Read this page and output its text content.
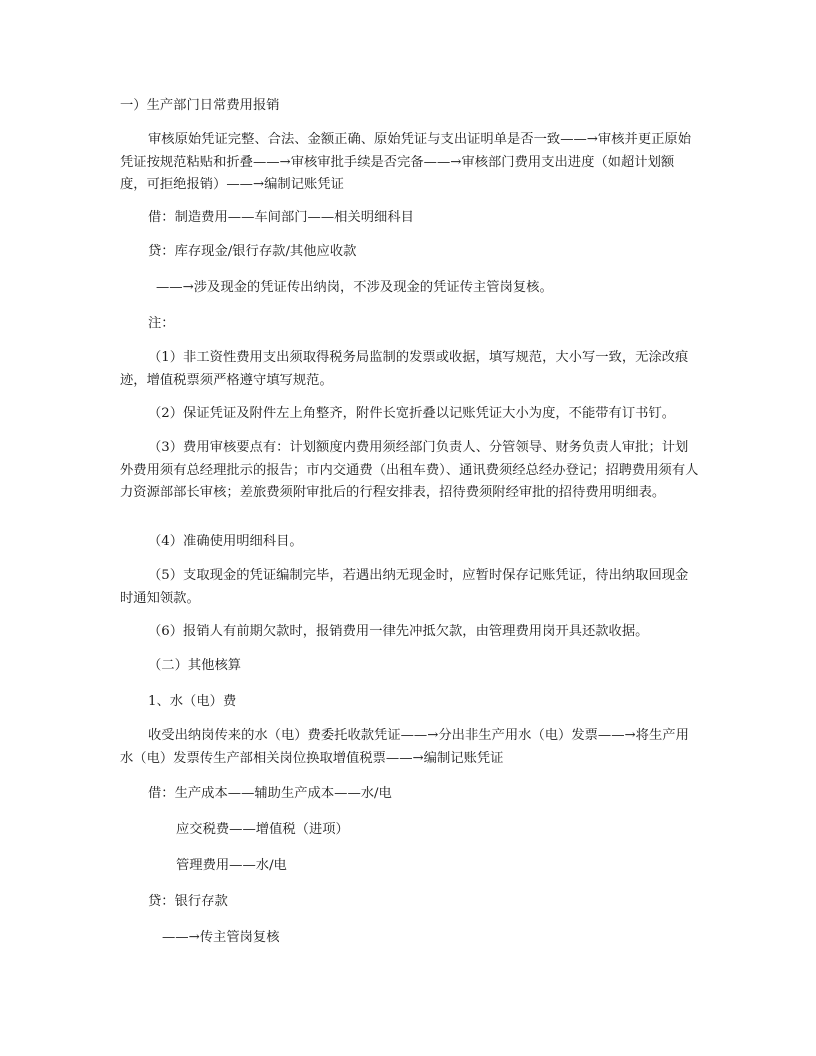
一）生产部门日常费用报销

审核原始凭证完整、合法、金额正确、原始凭证与支出证明单是否一致——→审核并更正原始凭证按规范粘贴和折叠——→审核审批手续是否完备——→审核部门费用支出进度（如超计划额度，可拒绝报销）——→编制记账凭证

借：制造费用——车间部门——相关明细科目

贷：库存现金/银行存款/其他应收款

——→涉及现金的凭证传出纳岗，不涉及现金的凭证传主管岗复核。

注：

（1）非工资性费用支出须取得税务局监制的发票或收据，填写规范，大小写一致，无涂改痕迹，增值税票须严格遵守填写规范。
（2）保证凭证及附件左上角整齐，附件长宽折叠以记账凭证大小为度，不能带有订书钉。
（3）费用审核要点有：计划额度内费用须经部门负责人、分管领导、财务负责人审批；计划外费用须有总经理批示的报告；市内交通费（出租车费）、通讯费须经总经办登记；招聘费用须有人力资源部部长审核；差旅费须附审批后的行程安排表，招待费须附经审批的招待费用明细表。
（4）准确使用明细科目。
（5）支取现金的凭证编制完毕，若遇出纳无现金时，应暂时保存记账凭证，待出纳取回现金时通知领款。
（6）报销人有前期欠款时，报销费用一律先冲抵欠款，由管理费用岗开具还款收据。

（二）其他核算

1、水（电）费

收受出纳岗传来的水（电）费委托收款凭证——→分出非生产用水（电）发票——→将生产用水（电）发票传生产部相关岗位换取增值税票——→编制记账凭证

借：生产成本——辅助生产成本——水/电

应交税费——增值税（进项）

管理费用——水/电

贷：银行存款

——→传主管岗复核
